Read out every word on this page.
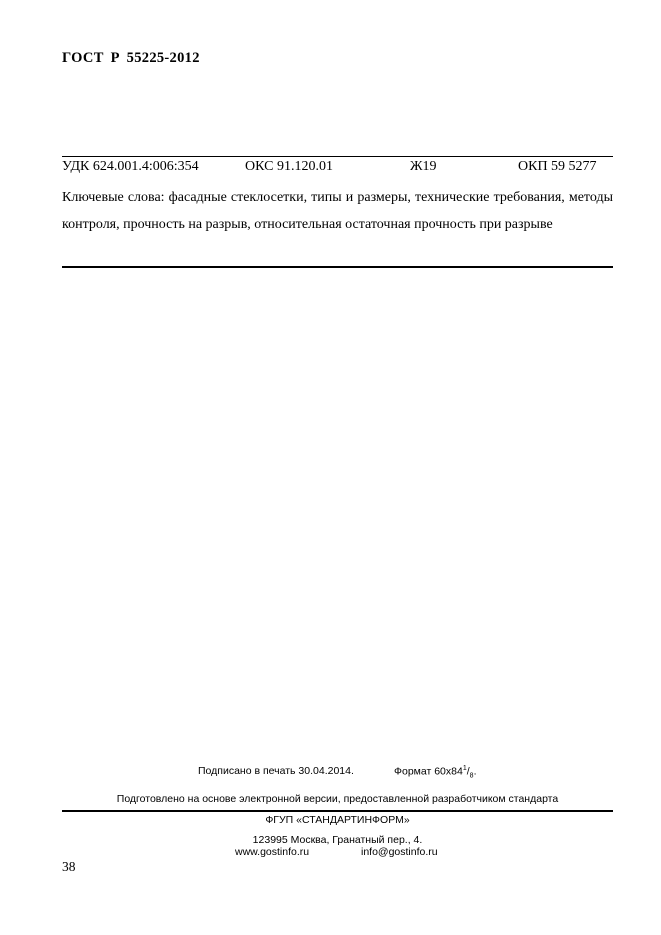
ГОСТ Р 55225-2012
УДК 624.001.4:006:354	ОКС 91.120.01	Ж19	ОКП 59 5277
Ключевые слова: фасадные стеклосетки, типы и размеры, технические требования, методы контроля, прочность на разрыв, относительная остаточная прочность при разрыве
Подписано в печать 30.04.2014.	Формат $60x84^1/_8$.
Подготовлено на основе электронной версии, предоставленной разработчиком стандарта
ФГУП «СТАНДАРТИНФОРМ»
123995 Москва, Гранатный пер., 4.
www.gostinfo.ru	info@gostinfo.ru
38
